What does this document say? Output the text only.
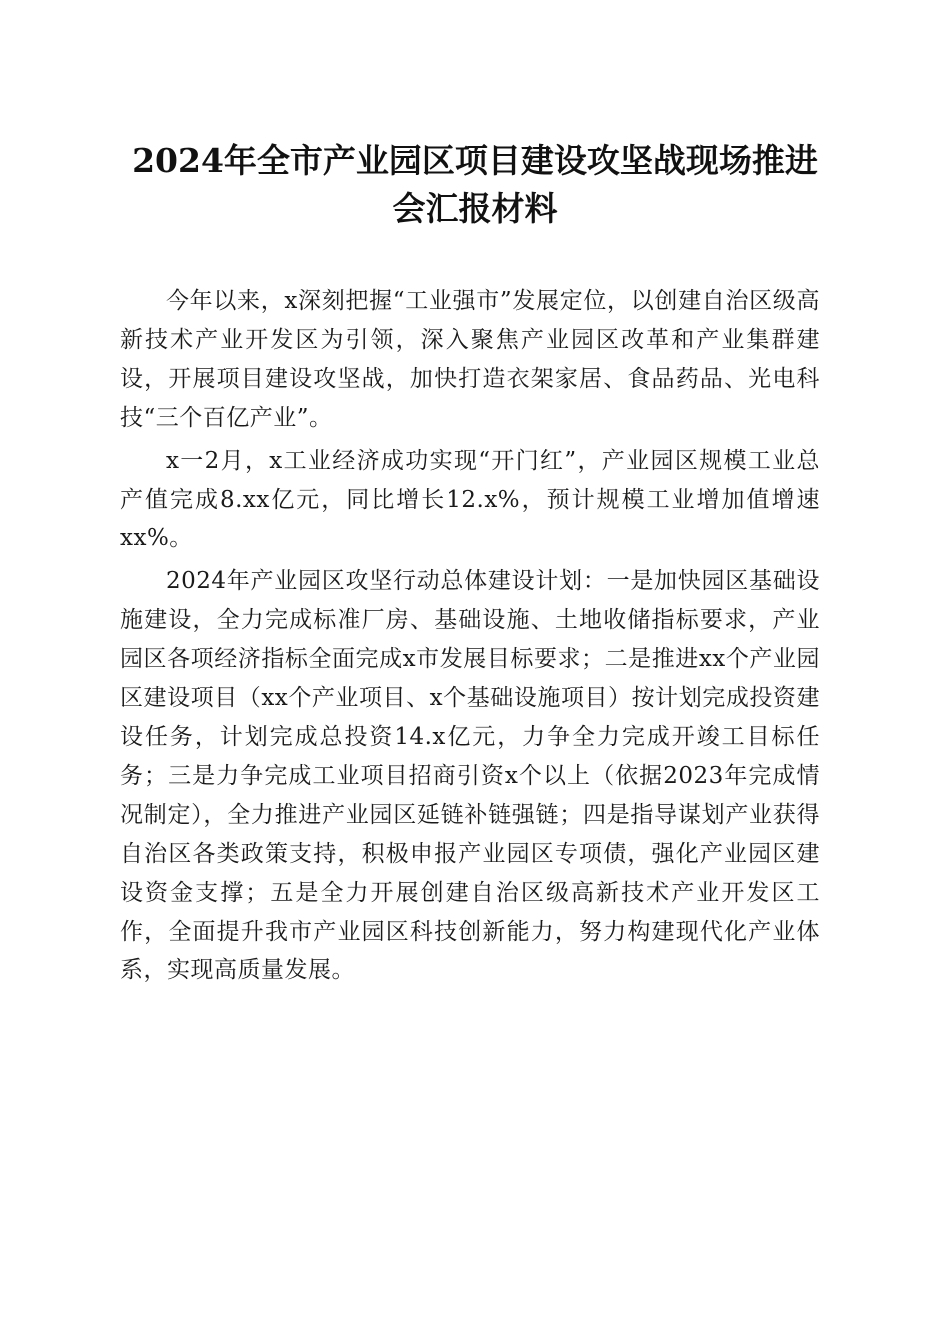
2024年全市产业园区项目建设攻坚战现场推进会汇报材料

今年以来，x深刻把握“工业强市”发展定位，以创建自治区级高新技术产业开发区为引领，深入聚焦产业园区改革和产业集群建设，开展项目建设攻坚战，加快打造衣架家居、食品药品、光电科技“三个百亿产业”。

x一2月，x工业经济成功实现“开门红”，产业园区规模工业总产值完成8.xx亿元，同比增长12.x%，预计规模工业增加值增速xx%。

2024年产业园区攻坚行动总体建设计划：一是加快园区基础设施建设，全力完成标准厂房、基础设施、土地收储指标要求，产业园区各项经济指标全面完成x市发展目标要求；二是推进xx个产业园区建设项目（xx个产业项目、x个基础设施项目）按计划完成投资建设任务，计划完成总投资14.x亿元，力争全力完成开竣工目标任务；三是力争完成工业项目招商引资x个以上（依据2023年完成情况制定），全力推进产业园区延链补链强链；四是指导谋划产业获得自治区各类政策支持，积极申报产业园区专项债，强化产业园区建设资金支撑；五是全力开展创建自治区级高新技术产业开发区工作，全面提升我市产业园区科技创新能力，努力构建现代化产业体系，实现高质量发展。
